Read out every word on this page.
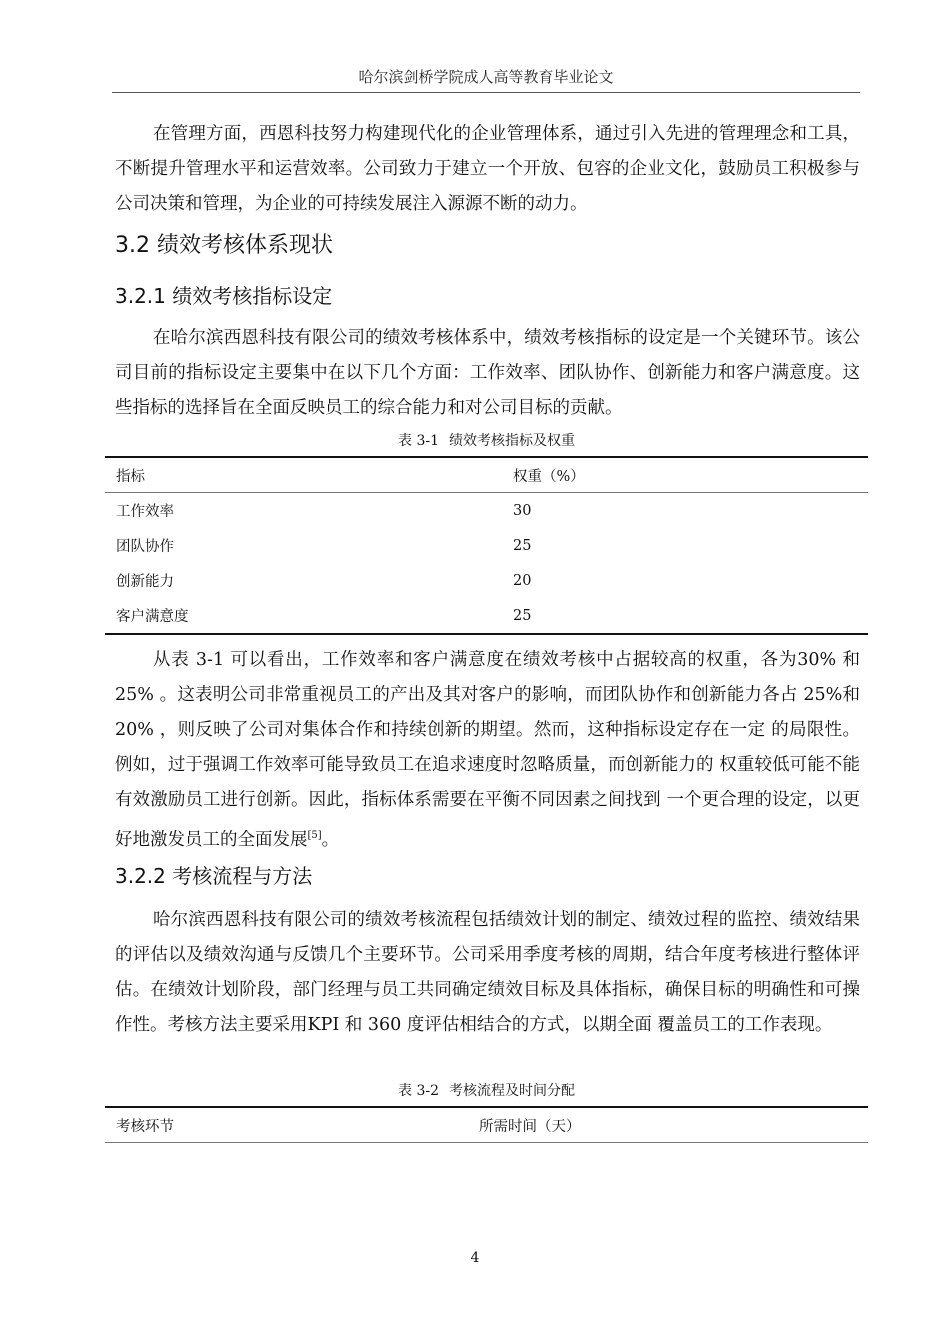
哈尔滨剑桥学院成人高等教育毕业论文

在管理方面，西恩科技努力构建现代化的企业管理体系，通过引入先进的管理理念和工具，不断提升管理水平和运营效率。公司致力于建立一个开放、包容的企业文化，鼓励员工积极参与公司决策和管理，为企业的可持续发展注入源源不断的动力。

3.2 绩效考核体系现状
3.2.1 绩效考核指标设定

在哈尔滨西恩科技有限公司的绩效考核体系中，绩效考核指标的设定是一个关键环节。该公司目前的指标设定主要集中在以下几个方面：工作效率、团队协作、创新能力和客户满意度。这些指标的选择旨在全面反映员工的综合能力和对公司目标的贡献。

表 3-1 绩效考核指标及权重
指标	权重（%）
工作效率	30
团队协作	25
创新能力	20
客户满意度	25

从表 3-1 可以看出，工作效率和客户满意度在绩效考核中占据较高的权重，各为30% 和 25% 。这表明公司非常重视员工的产出及其对客户的影响，而团队协作和创新能力各占 25%和 20% ，则反映了公司对集体合作和持续创新的期望。然而，这种指标设定存在一定 的局限性。例如，过于强调工作效率可能导致员工在追求速度时忽略质量，而创新能力的 权重较低可能不能有效激励员工进行创新。因此，指标体系需要在平衡不同因素之间找到 一个更合理的设定，以更好地激发员工的全面发展[5]。

3.2.2 考核流程与方法

哈尔滨西恩科技有限公司的绩效考核流程包括绩效计划的制定、绩效过程的监控、绩效结果的评估以及绩效沟通与反馈几个主要环节。公司采用季度考核的周期，结合年度考核进行整体评估。在绩效计划阶段，部门经理与员工共同确定绩效目标及具体指标，确保目标的明确性和可操作性。考核方法主要采用KPI 和 360 度评估相结合的方式，以期全面 覆盖员工的工作表现。

表 3-2 考核流程及时间分配
考核环节	所需时间（天）
4
